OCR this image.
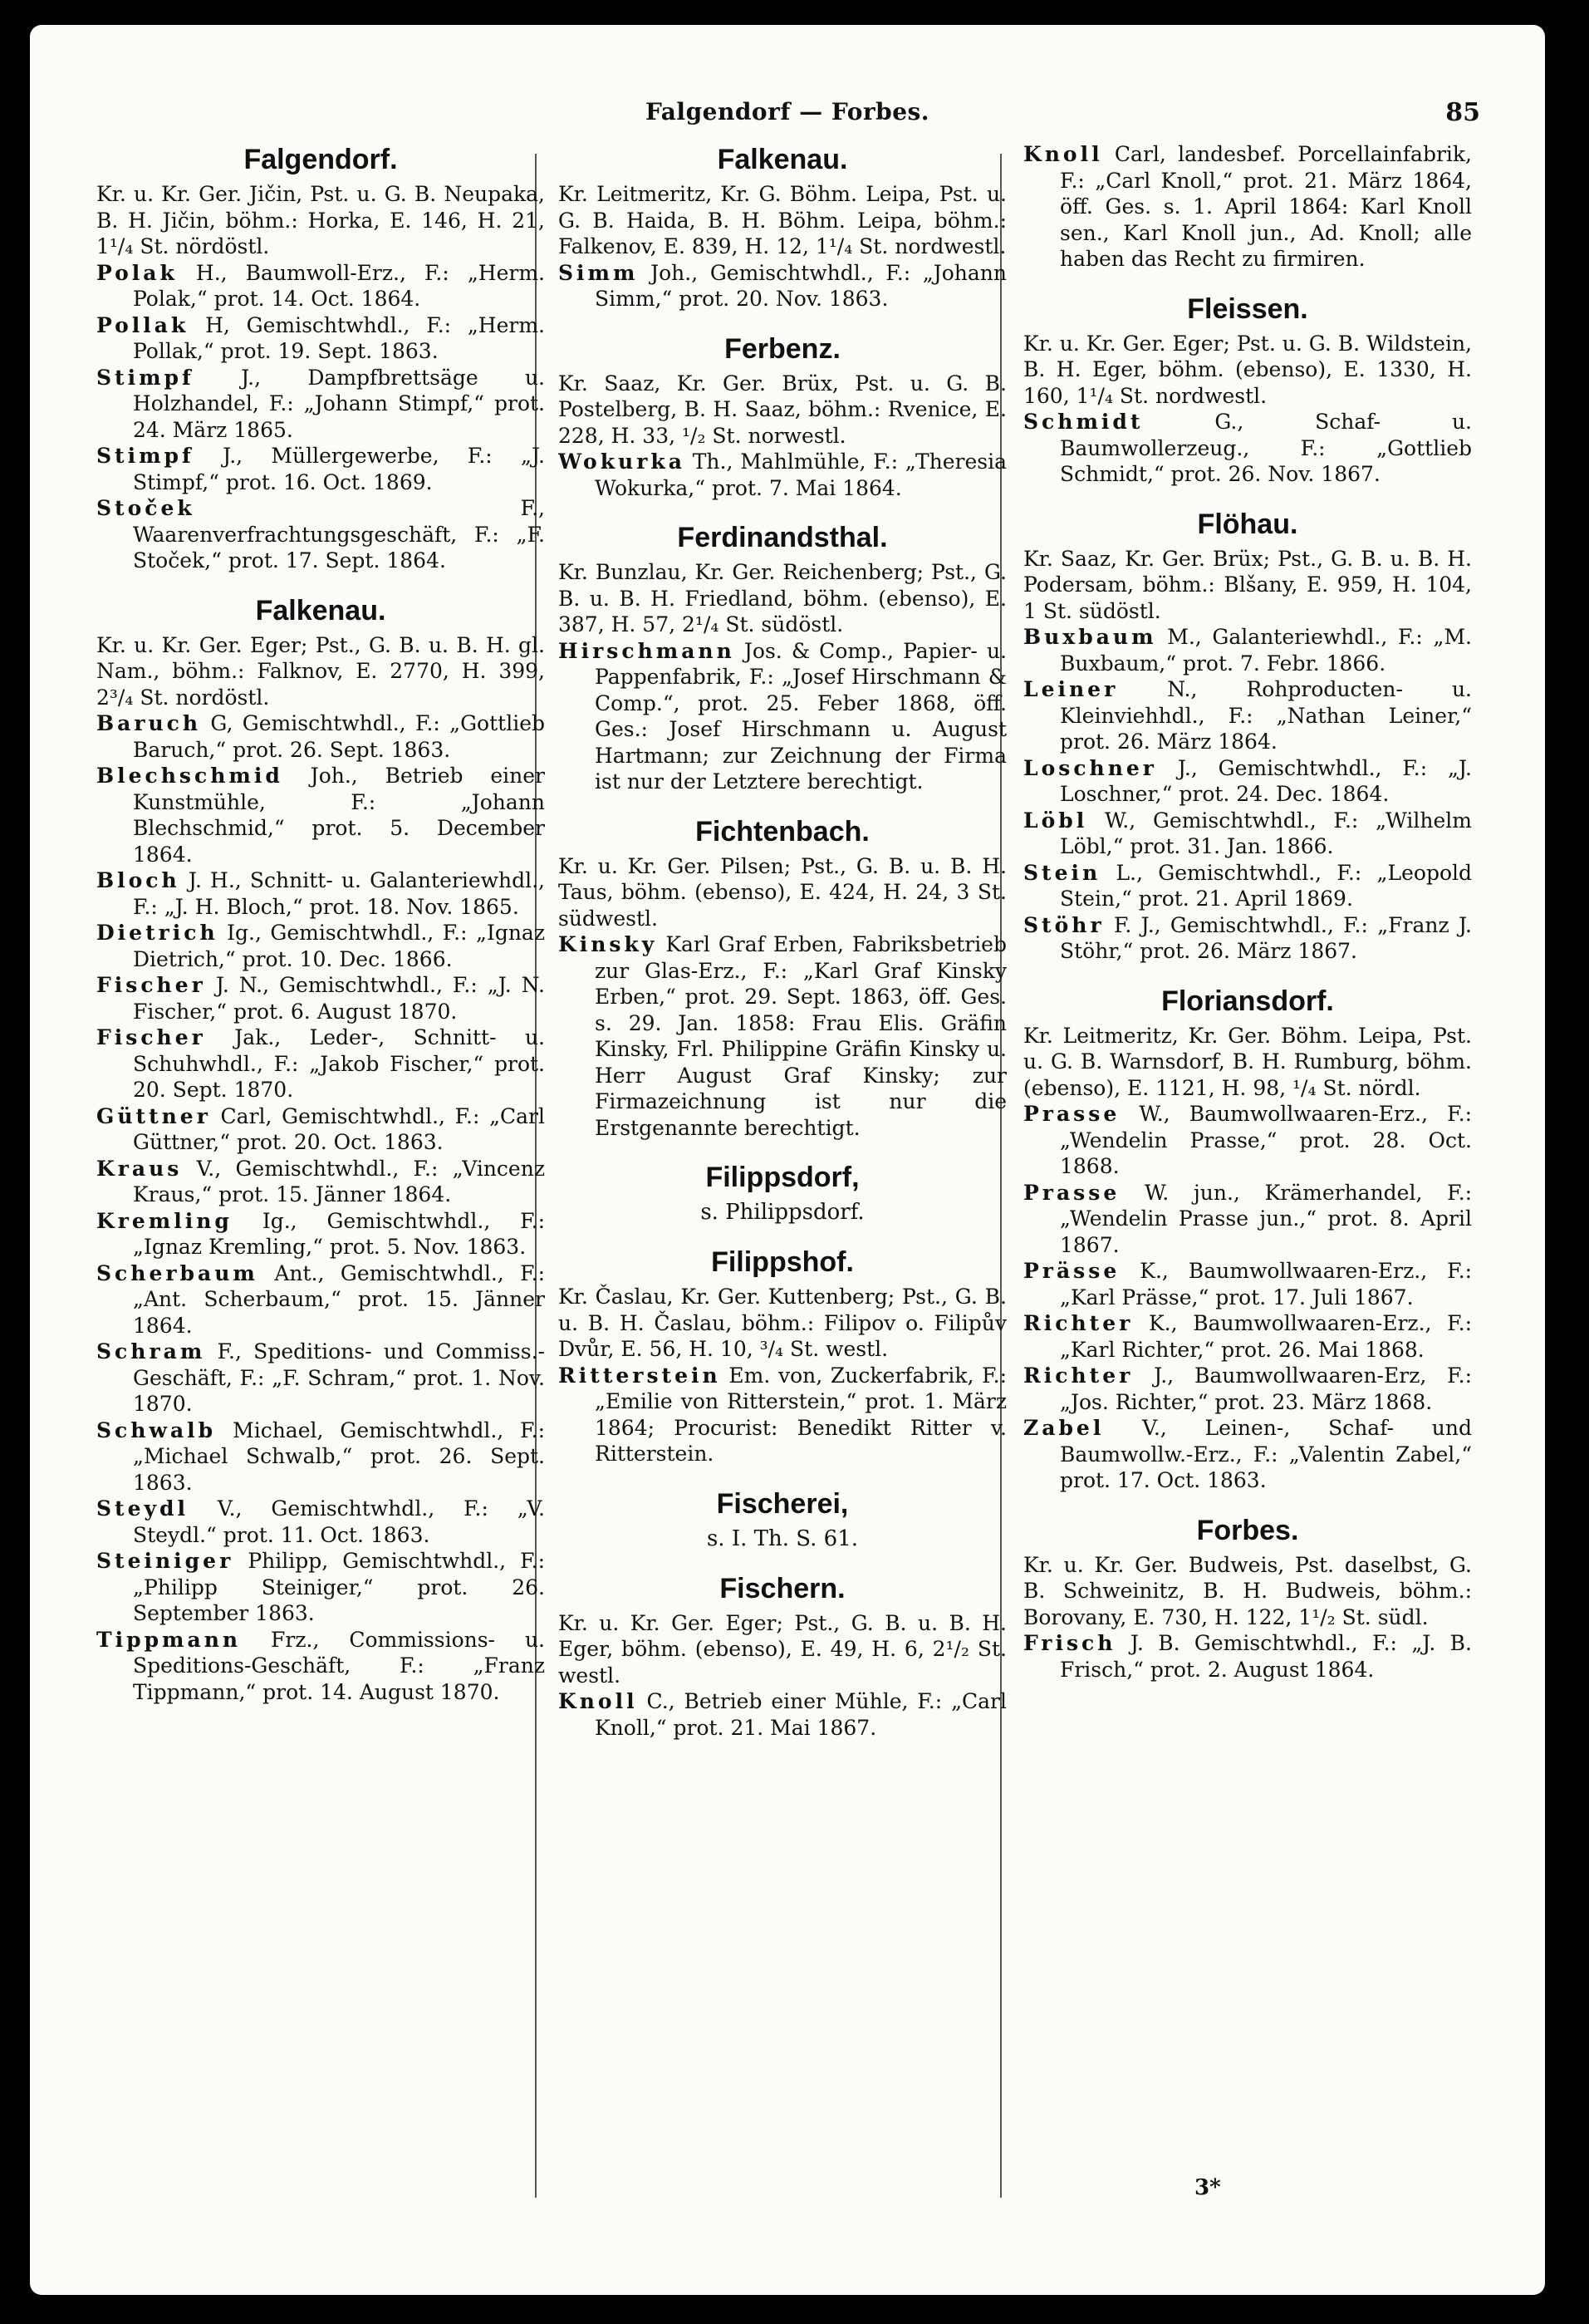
Falgendorf — Forbes.	85
Falgendorf.

Kr. u. Kr. Ger. Jičin, Pst. u. G. B. Neupaka, B. H. Jičin, böhm.: Horka, E. 146, H. 21, 1¹/₄ St. nördöstl.

Polak H., Baumwoll-Erz., F.: „Herm. Polak,“ prot. 14. Oct. 1864.

Pollak H, Gemischtwhdl., F.: „Herm. Pollak,“ prot. 19. Sept. 1863.

Stimpf J., Dampfbrettsäge u. Holzhandel, F.: „Johann Stimpf,“ prot. 24. März 1865.

Stimpf J., Müllergewerbe, F.: „J. Stimpf,“ prot. 16. Oct. 1869.

Stoček	F., Waarenverfrachtungsgeschäft, F.: „F. Stoček,“ prot. 17. Sept. 1864.

Falkenau.

Kr. u. Kr. Ger. Eger; Pst., G. B. u. B. H. gl. Nam., böhm.: Falknov, E. 2770, H. 399, 2³/₄ St. nordöstl.

Baruch G, Gemischtwhdl., F.: „Gottlieb Baruch,“ prot. 26. Sept. 1863.

Blechschmid Joh., Betrieb einer Kunstmühle, F.: „Johann Blechschmid,“ prot. 5. December 1864.

Bloch J. H., Schnitt- u. Galanteriewhdl., F.: „J. H. Bloch,“ prot. 18. Nov. 1865.

Dietrich Ig., Gemischtwhdl., F.: „Ignaz Dietrich,“ prot. 10. Dec. 1866.

Fischer J. N., Gemischtwhdl., F.: „J. N. Fischer,“ prot. 6. August 1870.

Fischer Jak., Leder-, Schnitt- u. Schuhwhdl., F.: „Jakob Fischer,“ prot. 20. Sept. 1870.

Güttner Carl, Gemischtwhdl., F.: „Carl Güttner,“ prot. 20. Oct. 1863.

Kraus V., Gemischtwhdl., F.: „Vincenz Kraus,“ prot. 15. Jänner 1864.

Kremling Ig., Gemischtwhdl., F.: „Ignaz Kremling,“ prot. 5. Nov. 1863.

Scherbaum Ant., Gemischtwhdl., F.: „Ant. Scherbaum,“ prot. 15. Jänner 1864.

Schram F., Speditions- und Commiss.-Geschäft, F.: „F. Schram,“ prot. 1. Nov. 1870.

Schwalb Michael, Gemischtwhdl., F.: „Michael Schwalb,“ prot. 26. Sept. 1863.

Steydl V., Gemischtwhdl., F.: „V. Steydl.“ prot. 11. Oct. 1863.

Steiniger Philipp, Gemischtwhdl., F.: „Philipp Steiniger,“ prot. 26. September 1863.

Tippmann Frz., Commissions- u. Speditions-Geschäft, F.: „Franz Tippmann,“ prot. 14. August 1870.

Falkenau.

Kr. Leitmeritz, Kr. G. Böhm. Leipa, Pst. u. G. B. Haida, B. H. Böhm. Leipa, böhm.: Falkenov, E. 839, H. 12, 1¹/₄ St. nordwestl.

Simm Joh., Gemischtwhdl., F.: „Johann Simm,“ prot. 20. Nov. 1863.

Ferbenz.

Kr. Saaz, Kr. Ger. Brüx, Pst. u. G. B. Postelberg, B. H. Saaz, böhm.: Rvenice, E. 228, H. 33, ¹/₂ St. norwestl.

Wokurka Th., Mahlmühle, F.: „Theresia Wokurka,“ prot. 7. Mai 1864.

Ferdinandsthal.

Kr. Bunzlau, Kr. Ger. Reichenberg; Pst., G. B. u. B. H. Friedland, böhm. (ebenso), E. 387, H. 57, 2¹/₄ St. südöstl.

Hirschmann Jos. & Comp., Papier- u. Pappenfabrik, F.: „Josef Hirschmann & Comp.“, prot. 25. Feber 1868, öff. Ges.: Josef Hirschmann u. August Hartmann; zur Zeichnung der Firma ist nur der Letztere berechtigt.

Fichtenbach.

Kr. u. Kr. Ger. Pilsen; Pst., G. B. u. B. H. Taus, böhm. (ebenso), E. 424, H. 24, 3 St. südwestl.

Kinsky Karl Graf Erben, Fabriksbetrieb zur Glas-Erz., F.: „Karl Graf Kinsky Erben,“ prot. 29. Sept. 1863, öff. Ges. s. 29. Jan. 1858: Frau Elis. Gräfin Kinsky, Frl. Philippine Gräfin Kinsky u. Herr August Graf Kinsky; zur Firmazeichnung ist nur die Erstgenannte berechtigt.

Filippsdorf,
s. Philippsdorf.
Filippshof.

Kr. Časlau, Kr. Ger. Kuttenberg; Pst., G. B. u. B. H. Časlau, böhm.: Filipov o. Filipův Dvůr, E. 56, H. 10, ³/₄ St. westl.

Ritterstein Em. von, Zuckerfabrik, F.: „Emilie von Ritterstein,“ prot. 1. März 1864; Procurist: Benedikt Ritter v. Ritterstein.

Fischerei,
s. I. Th. S. 61.
Fischern.

Kr. u. Kr. Ger. Eger; Pst., G. B. u. B. H. Eger, böhm. (ebenso), E. 49, H. 6, 2¹/₂ St. westl.

Knoll C., Betrieb einer Mühle, F.: „Carl Knoll,“ prot. 21. Mai 1867.

Knoll Carl, landesbef. Porcellainfabrik, F.: „Carl Knoll,“ prot. 21. März 1864, öff. Ges. s. 1. April 1864: Karl Knoll sen., Karl Knoll jun., Ad. Knoll; alle haben das Recht zu firmiren.

Fleissen.

Kr. u. Kr. Ger. Eger; Pst. u. G. B. Wildstein, B. H. Eger, böhm. (ebenso), E. 1330, H. 160, 1¹/₄ St. nordwestl.

Schmidt	G., Schaf- u. Baumwollerzeug., F.: „Gottlieb Schmidt,“ prot. 26. Nov. 1867.

Flöhau.

Kr. Saaz, Kr. Ger. Brüx; Pst., G. B. u. B. H. Podersam, böhm.: Blšany, E. 959, H. 104, 1 St. südöstl.

Buxbaum M., Galanteriewhdl., F.: „M. Buxbaum,“ prot. 7. Febr. 1866.

Leiner N., Rohproducten- u. Kleinviehhdl., F.: „Nathan Leiner,“ prot. 26. März 1864.

Loschner J., Gemischtwhdl., F.: „J. Loschner,“ prot. 24. Dec. 1864.

Löbl W., Gemischtwhdl., F.: „Wilhelm Löbl,“ prot. 31. Jan. 1866.

Stein L., Gemischtwhdl., F.: „Leopold Stein,“ prot. 21. April 1869.

Stöhr F. J., Gemischtwhdl., F.: „Franz J. Stöhr,“ prot. 26. März 1867.

Floriansdorf.

Kr. Leitmeritz, Kr. Ger. Böhm. Leipa, Pst. u. G. B. Warnsdorf, B. H. Rumburg, böhm. (ebenso), E. 1121, H. 98, ¹/₄ St. nördl.

Prasse W., Baumwollwaaren-Erz., F.: „Wendelin Prasse,“ prot. 28. Oct. 1868.

Prasse W. jun., Krämerhandel, F.: „Wendelin Prasse jun.,“ prot. 8. April 1867.

Prässe K., Baumwollwaaren-Erz., F.: „Karl Prässe,“ prot. 17. Juli 1867.

Richter K., Baumwollwaaren-Erz., F.: „Karl Richter,“ prot. 26. Mai 1868.

Richter J., Baumwollwaaren-Erz, F.: „Jos. Richter,“ prot. 23. März 1868.

Zabel V., Leinen-, Schaf- und Baumwollw.-Erz., F.: „Valentin Zabel,“ prot. 17. Oct. 1863.

Forbes.

Kr. u. Kr. Ger. Budweis, Pst. daselbst, G. B. Schweinitz, B. H. Budweis, böhm.: Borovany, E. 730, H. 122, 1¹/₂ St. südl.

Frisch J. B. Gemischtwhdl., F.: „J. B. Frisch,“ prot. 2. August 1864.

3*
